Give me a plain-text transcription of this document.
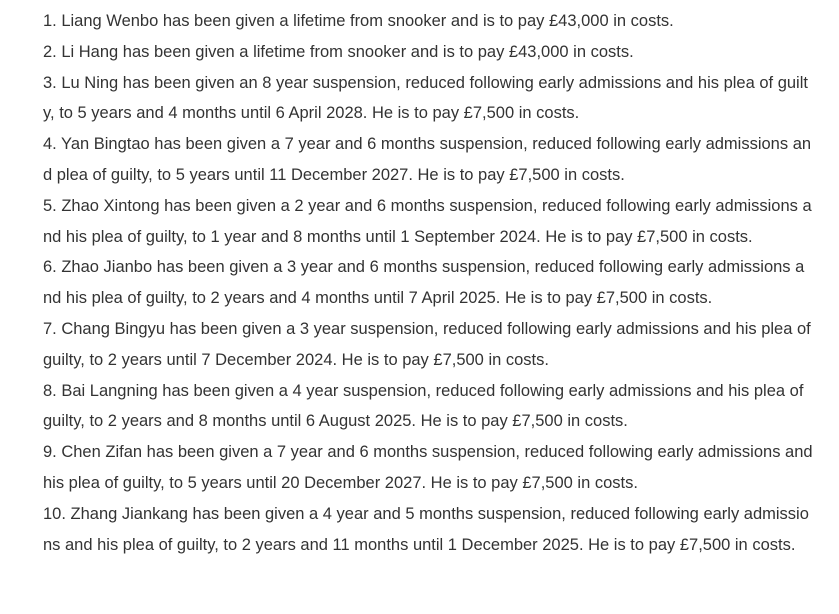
1. Liang Wenbo has been given a lifetime from snooker and is to pay £43,000 in costs.

2. Li Hang has been given a lifetime from snooker and is to pay £43,000 in costs.

3. Lu Ning has been given an 8 year suspension, reduced following early admissions and his plea of guilty, to 5 years and 4 months until 6 April 2028. He is to pay £7,500 in costs.

4. Yan Bingtao has been given a 7 year and 6 months suspension, reduced following early admissions and plea of guilty, to 5 years until 11 December 2027. He is to pay £7,500 in costs.

5. Zhao Xintong has been given a 2 year and 6 months suspension, reduced following early admissions and his plea of guilty, to 1 year and 8 months until 1 September 2024. He is to pay £7,500 in costs.

6. Zhao Jianbo has been given a 3 year and 6 months suspension, reduced following early admissions and his plea of guilty, to 2 years and 4 months until 7 April 2025. He is to pay £7,500 in costs.

7. Chang Bingyu has been given a 3 year suspension, reduced following early admissions and his plea of guilty, to 2 years until 7 December 2024. He is to pay £7,500 in costs.

8. Bai Langning has been given a 4 year suspension, reduced following early admissions and his plea of guilty, to 2 years and 8 months until 6 August 2025. He is to pay £7,500 in costs.

9. Chen Zifan has been given a 7 year and 6 months suspension, reduced following early admissions and his plea of guilty, to 5 years until 20 December 2027. He is to pay £7,500 in costs.

10. Zhang Jiankang has been given a 4 year and 5 months suspension, reduced following early admissions and his plea of guilty, to 2 years and 11 months until 1 December 2025. He is to pay £7,500 in costs.
